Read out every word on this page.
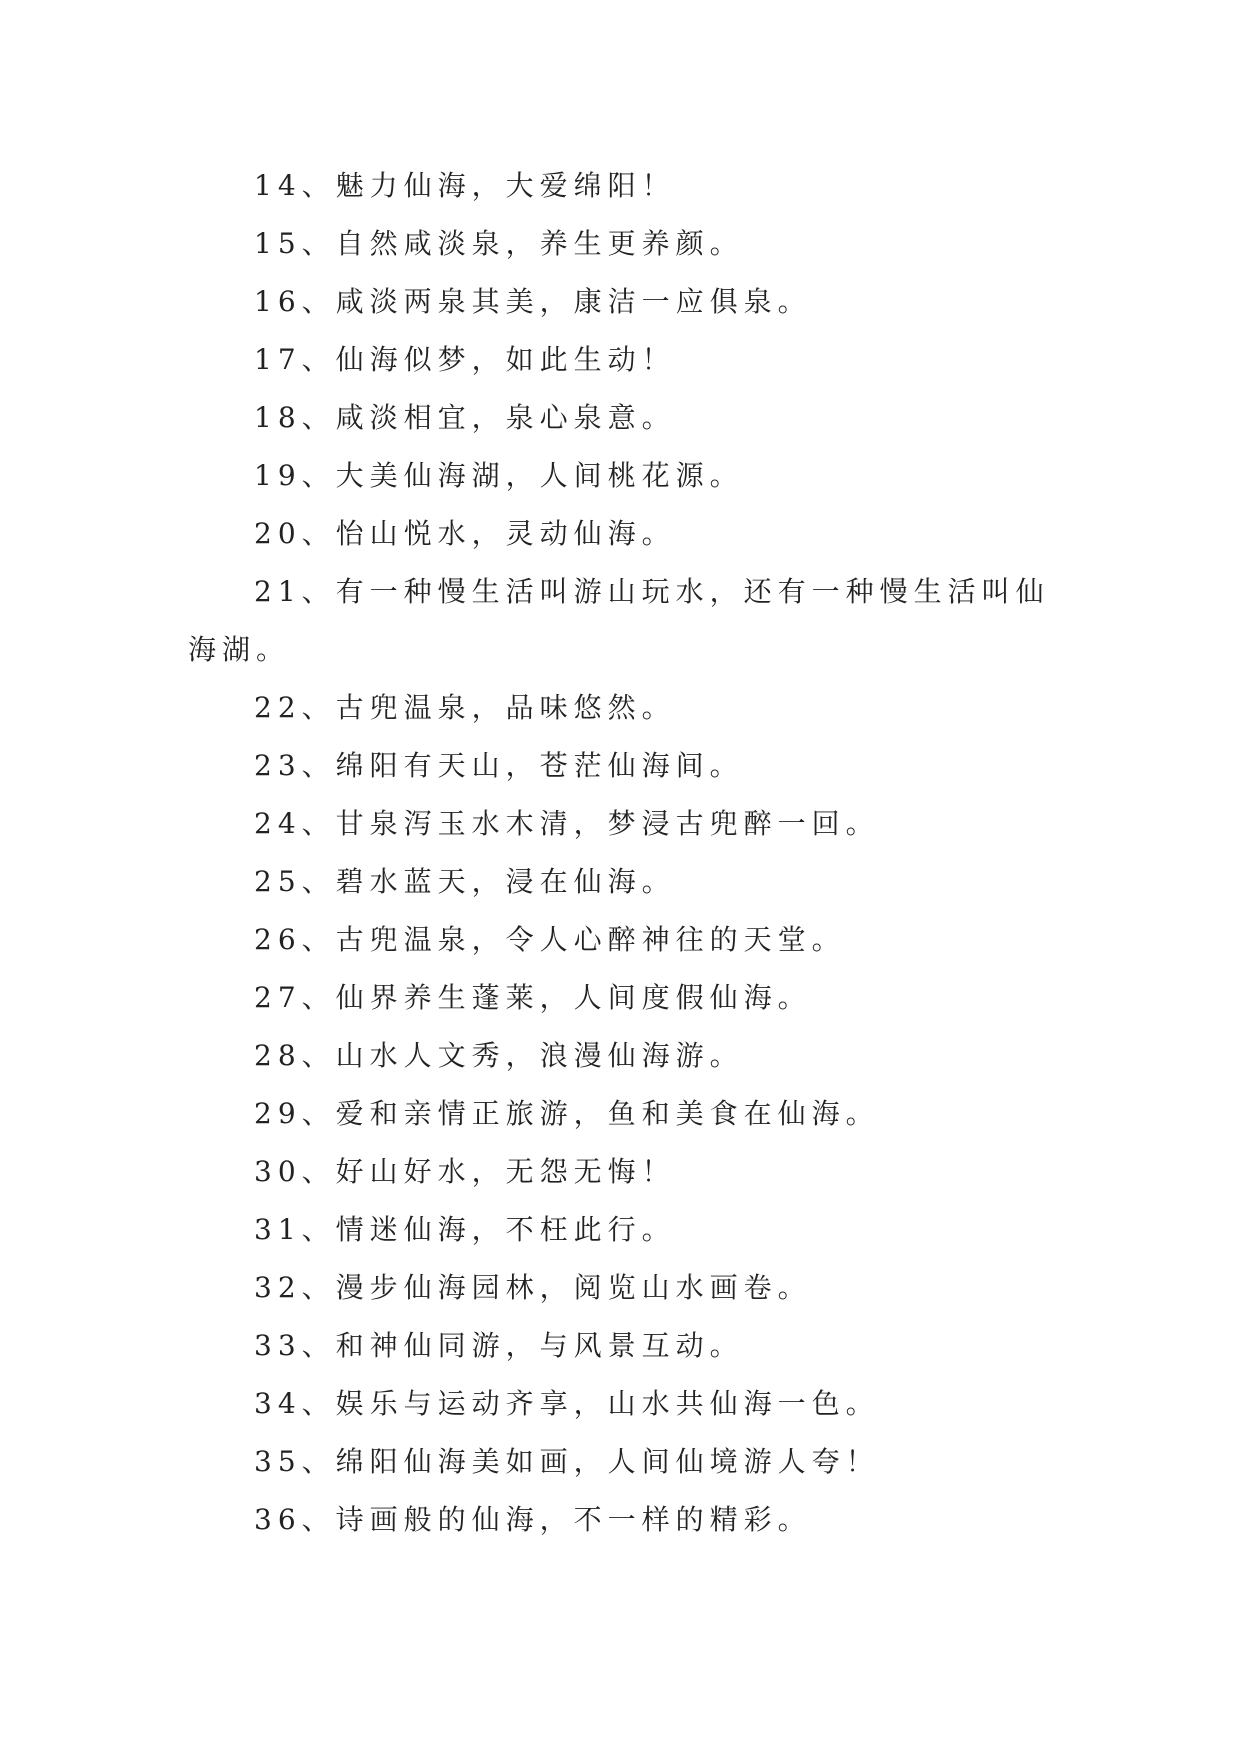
14、魅力仙海，大爱绵阳！

15、自然咸淡泉，养生更养颜。

16、咸淡两泉其美，康洁一应俱泉。

17、仙海似梦，如此生动！

18、咸淡相宜，泉心泉意。

19、大美仙海湖，人间桃花源。

20、怡山悦水，灵动仙海。

21、有一种慢生活叫游山玩水，还有一种慢生活叫仙海湖。

22、古兜温泉，品味悠然。

23、绵阳有天山，苍茫仙海间。

24、甘泉泻玉水木清，梦浸古兜醉一回。

25、碧水蓝天，浸在仙海。

26、古兜温泉，令人心醉神往的天堂。

27、仙界养生蓬莱，人间度假仙海。

28、山水人文秀，浪漫仙海游。

29、爱和亲情正旅游，鱼和美食在仙海。

30、好山好水，无怨无悔！

31、情迷仙海，不枉此行。

32、漫步仙海园林，阅览山水画卷。

33、和神仙同游，与风景互动。

34、娱乐与运动齐享，山水共仙海一色。

35、绵阳仙海美如画，人间仙境游人夸！

36、诗画般的仙海，不一样的精彩。
